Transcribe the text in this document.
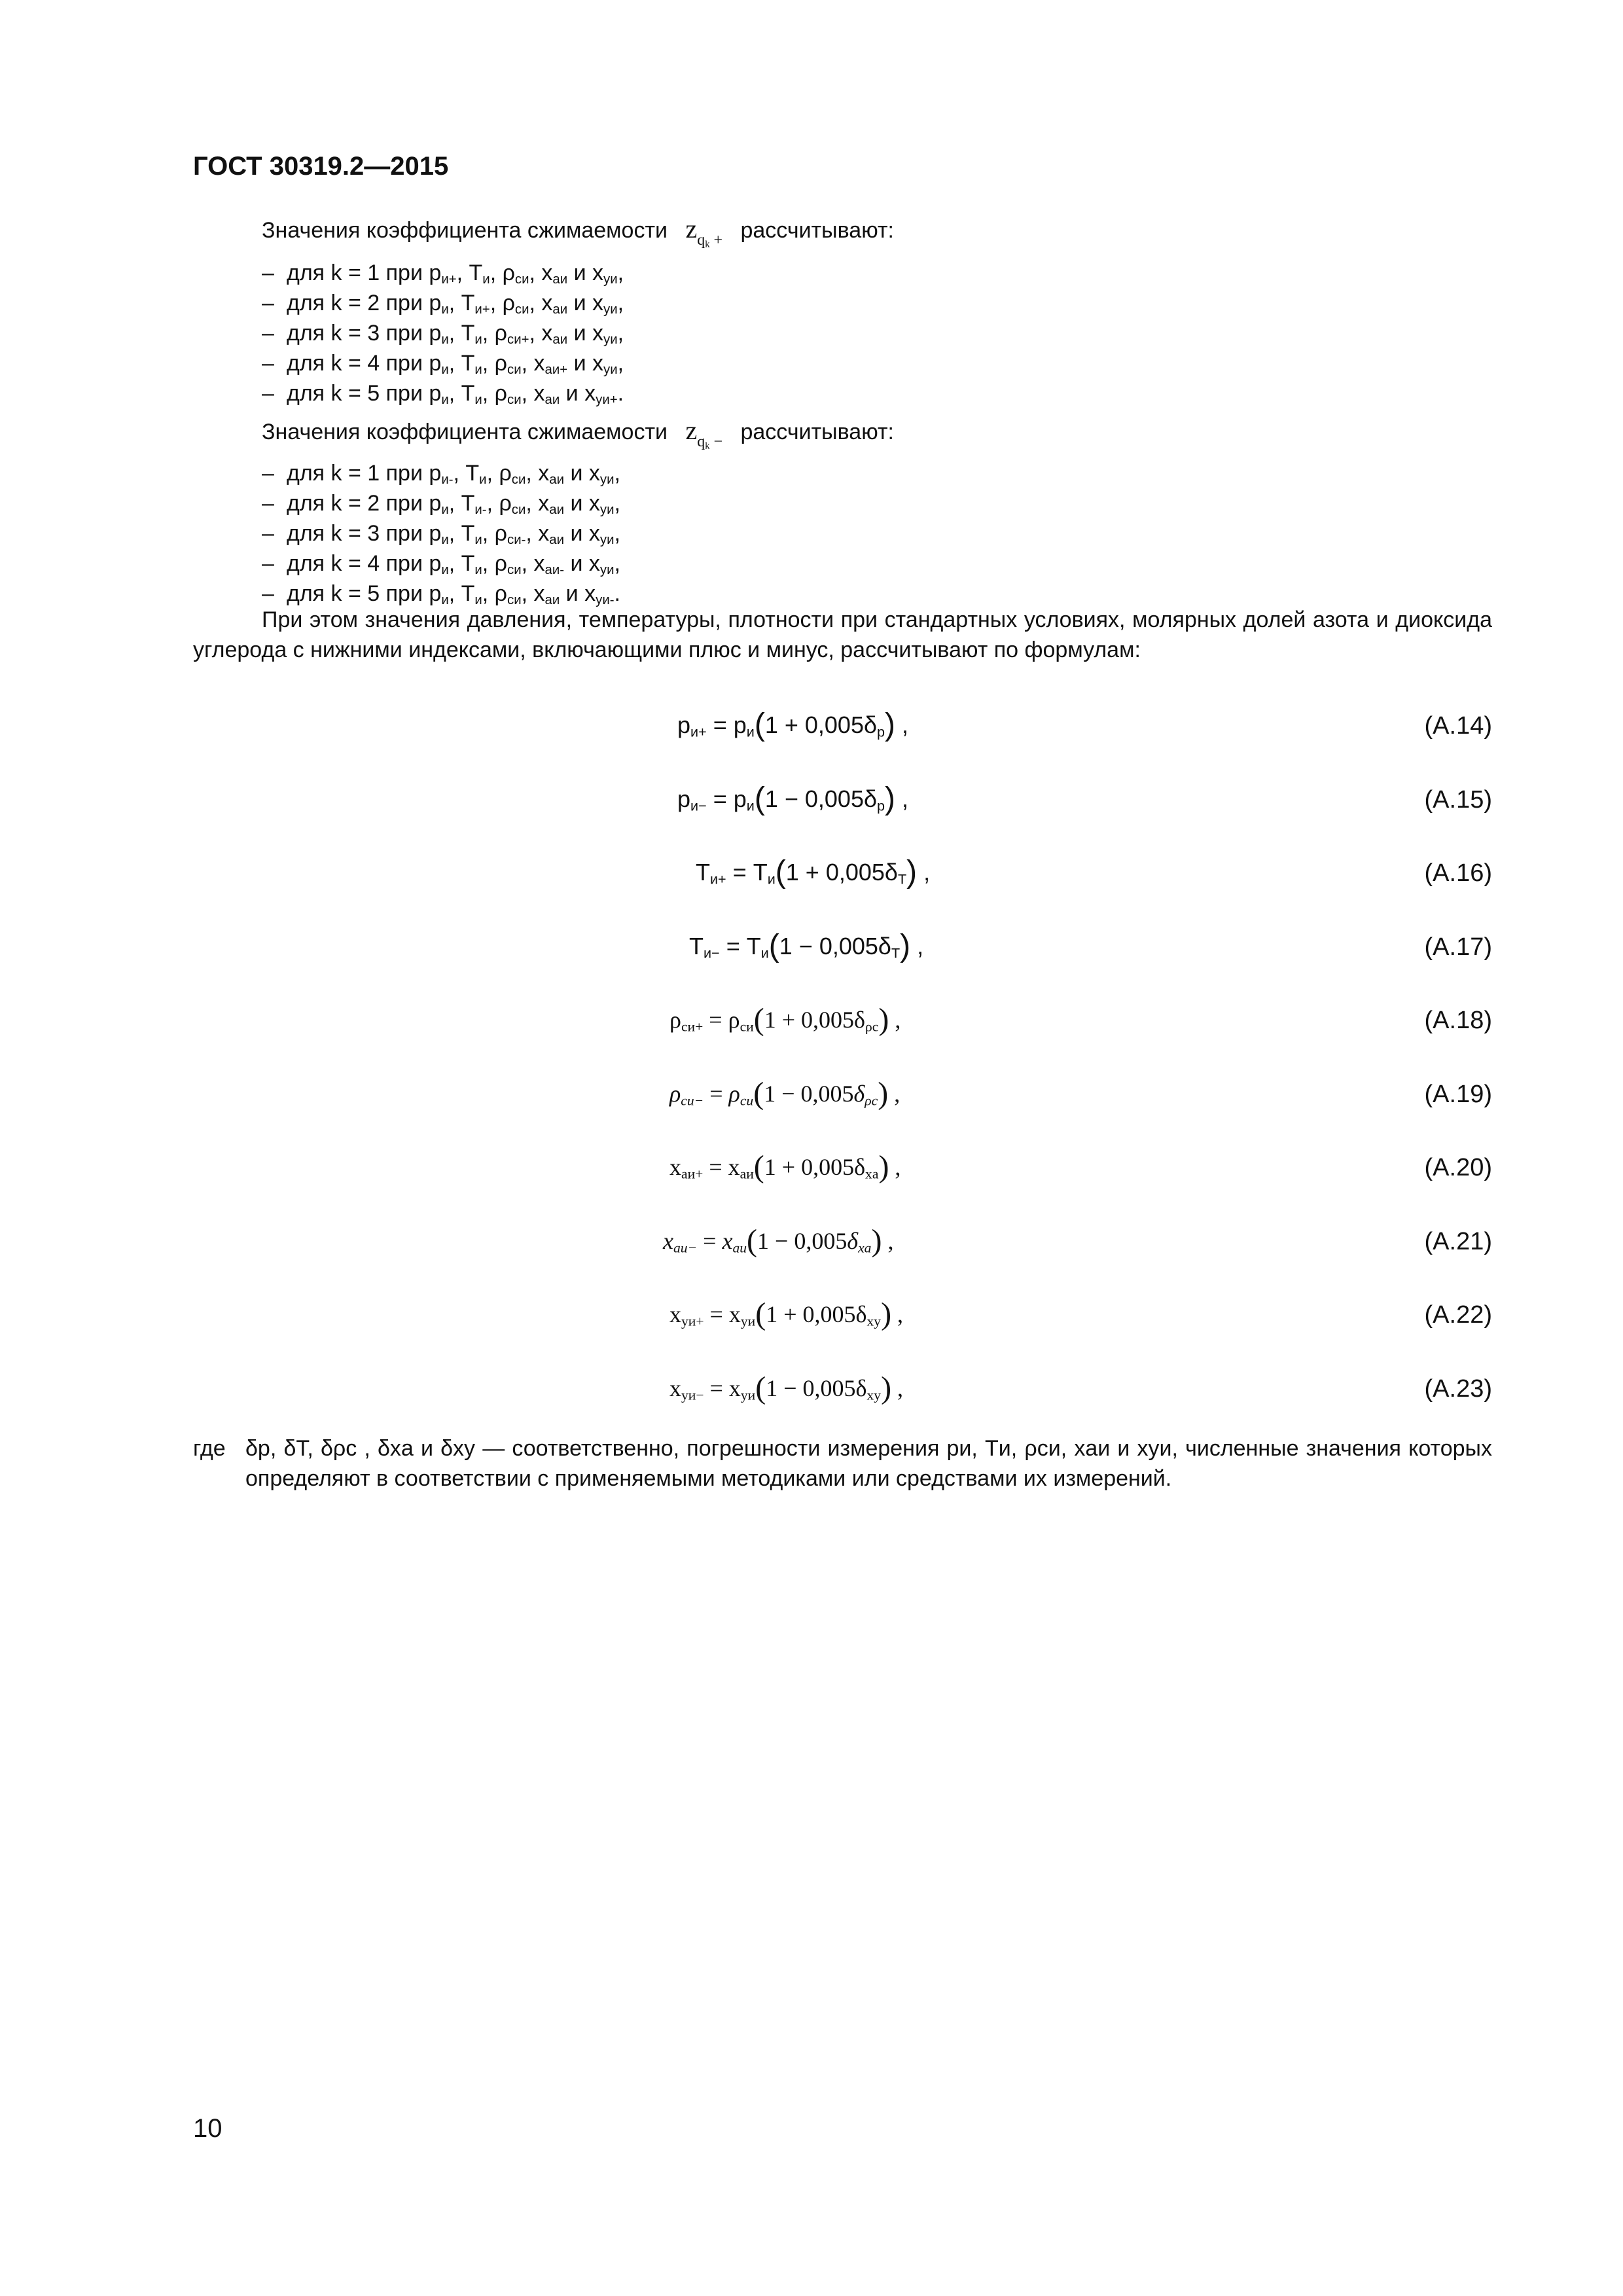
ГОСТ 30319.2—2015
Значения коэффициента сжимаемости $z_{q_k +}$ рассчитывают:
– для k = 1 при $p_{и+}$, $T_и$, $\rho_{си}$, $x_{аи}$ и $x_{уи}$,
– для k = 2 при $p_и$, $T_{и+}$, $\rho_{си}$, $x_{аи}$ и $x_{уи}$,
– для k = 3 при $p_и$, $T_и$, $\rho_{си+}$, $x_{аи}$ и $x_{уи}$,
– для k = 4 при $p_и$, $T_и$, $\rho_{си}$, $x_{аи+}$ и $x_{уи}$,
– для k = 5 при $p_и$, $T_и$, $\rho_{си}$, $x_{аи}$ и $x_{уи+}$.
Значения коэффициента сжимаемости $z_{q_k -}$ рассчитывают:
– для k = 1 при $p_{и-}$, $T_и$, $\rho_{си}$, $x_{аи}$ и $x_{уи}$,
– для k = 2 при $p_и$, $T_{и-}$, $\rho_{си}$, $x_{аи}$ и $x_{уи}$,
– для k = 3 при $p_и$, $T_и$, $\rho_{си-}$, $x_{аи}$ и $x_{уи}$,
– для k = 4 при $p_и$, $T_и$, $\rho_{си}$, $x_{аи-}$ и $x_{уи}$,
– для k = 5 при $p_и$, $T_и$, $\rho_{си}$, $x_{аи}$ и $x_{уи-}$.
При этом значения давления, температуры, плотности при стандартных условиях, молярных долей азота и диоксида углерода с нижними индексами, включающими плюс и минус, рассчитывают по формулам:
$p_{и+} = p_и(1 + 0,005\delta_p)$ ,	(А.14)
$p_{и-} = p_и(1 - 0,005\delta_p)$ ,	(А.15)
$T_{и+} = T_и(1 + 0,005\delta_T)$ ,	(А.16)
$T_{и-} = T_и(1 - 0,005\delta_T)$ ,	(А.17)
$\rho_{си+} = \rho_{си}(1 + 0,005\delta_{\rho с})$ ,	(А.18)
$\rho_{си-} = \rho_{си}(1 - 0,005\delta_{\rho с})$ ,	(А.19)
$x_{аи+} = x_{аи}(1 + 0,005\delta_{xa})$ ,	(А.20)
$x_{аи-} = x_{аи}(1 - 0,005\delta_{xa})$ ,	(А.21)
$x_{уи+} = x_{уи}(1 + 0,005\delta_{xy})$ ,	(А.22)
$x_{уи-} = x_{уи}(1 - 0,005\delta_{xy})$ ,	(А.23)
где δp, δT, δρc , δxa и δxy — соответственно, погрешности измерения pи, Tи, ρси, xаи и xуи, численные значения которых определяют в соответствии с применяемыми методиками или средствами их измерений.
10
